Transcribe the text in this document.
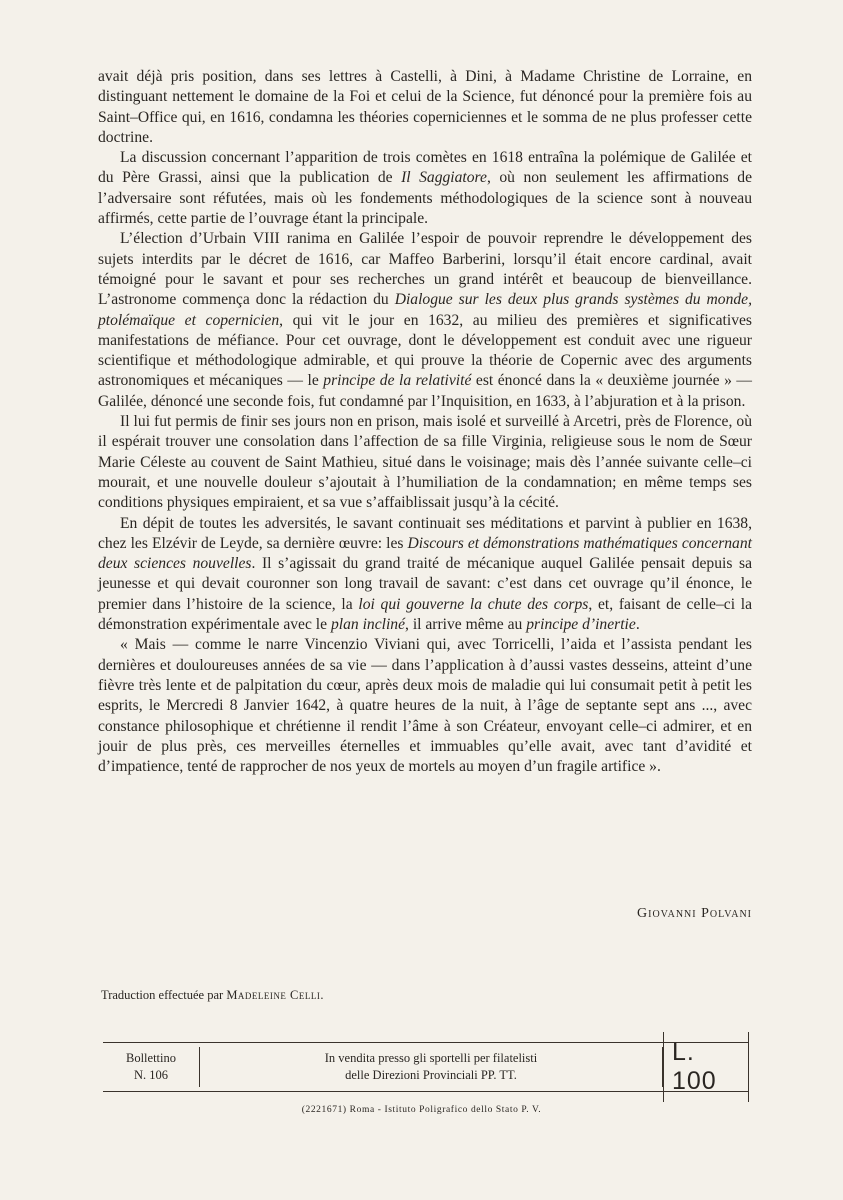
avait déjà pris position, dans ses lettres à Castelli, à Dini, à Madame Christine de Lorraine, en distinguant nettement le domaine de la Foi et celui de la Science, fut dénoncé pour la première fois au Saint–Office qui, en 1616, condamna les théories coperniciennes et le somma de ne plus professer cette doctrine.

La discussion concernant l’apparition de trois comètes en 1618 entraîna la polémique de Galilée et du Père Grassi, ainsi que la publication de Il Saggiatore, où non seulement les affirmations de l’adversaire sont réfutées, mais où les fondements méthodologiques de la science sont à nouveau affirmés, cette partie de l’ouvrage étant la principale.

L’élection d’Urbain VIII ranima en Galilée l’espoir de pouvoir reprendre le développement des sujets interdits par le décret de 1616, car Maffeo Barberini, lorsqu’il était encore cardinal, avait témoigné pour le savant et pour ses recherches un grand intérêt et beaucoup de bienveillance. L’astronome commença donc la rédaction du Dialogue sur les deux plus grands systèmes du monde, ptolémaïque et copernicien, qui vit le jour en 1632, au milieu des premières et significatives manifestations de méfiance. Pour cet ouvrage, dont le développement est conduit avec une rigueur scientifique et méthodologique admirable, et qui prouve la théorie de Copernic avec des arguments astronomiques et mécaniques — le principe de la relativité est énoncé dans la « deuxième journée » — Galilée, dénoncé une seconde fois, fut condamné par l’Inquisition, en 1633, à l’abjuration et à la prison.

Il lui fut permis de finir ses jours non en prison, mais isolé et surveillé à Arcetri, près de Florence, où il espérait trouver une consolation dans l’affection de sa fille Virginia, religieuse sous le nom de Sœur Marie Céleste au couvent de Saint Mathieu, situé dans le voisinage; mais dès l’année suivante celle–ci mourait, et une nouvelle douleur s’ajoutait à l’humiliation de la condamnation; en même temps ses conditions physiques empiraient, et sa vue s’affaiblissait jusqu’à la cécité.

En dépit de toutes les adversités, le savant continuait ses méditations et parvint à publier en 1638, chez les Elzévir de Leyde, sa dernière œuvre: les Discours et démonstrations mathématiques concernant deux sciences nouvelles. Il s’agissait du grand traité de mécanique auquel Galilée pensait depuis sa jeunesse et qui devait couronner son long travail de savant: c’est dans cet ouvrage qu’il énonce, le premier dans l’histoire de la science, la loi qui gouverne la chute des corps, et, faisant de celle–ci la démonstration expérimentale avec le plan incliné, il arrive même au principe d’inertie.

« Mais — comme le narre Vincenzio Viviani qui, avec Torricelli, l’aida et l’assista pendant les dernières et douloureuses années de sa vie — dans l’application à d’aussi vastes desseins, atteint d’une fièvre très lente et de palpitation du cœur, après deux mois de maladie qui lui consumait petit à petit les esprits, le Mercredi 8 Janvier 1642, à quatre heures de la nuit, à l’âge de septante sept ans ..., avec constance philosophique et chrétienne il rendit l’âme à son Créateur, envoyant celle–ci admirer, et en jouir de plus près, ces merveilles éternelles et immuables qu’elle avait, avec tant d’avidité et d’impatience, tenté de rapprocher de nos yeux de mortels au moyen d’un fragile artifice ».

Giovanni Polvani
Traduction effectuée par Madeleine Celli.
Bollettino
N. 106
In vendita presso gli sportelli per filatelisti
delle Direzioni Provinciali PP. TT.
L. 100
(2221671) Roma - Istituto Poligrafico dello Stato P. V.
